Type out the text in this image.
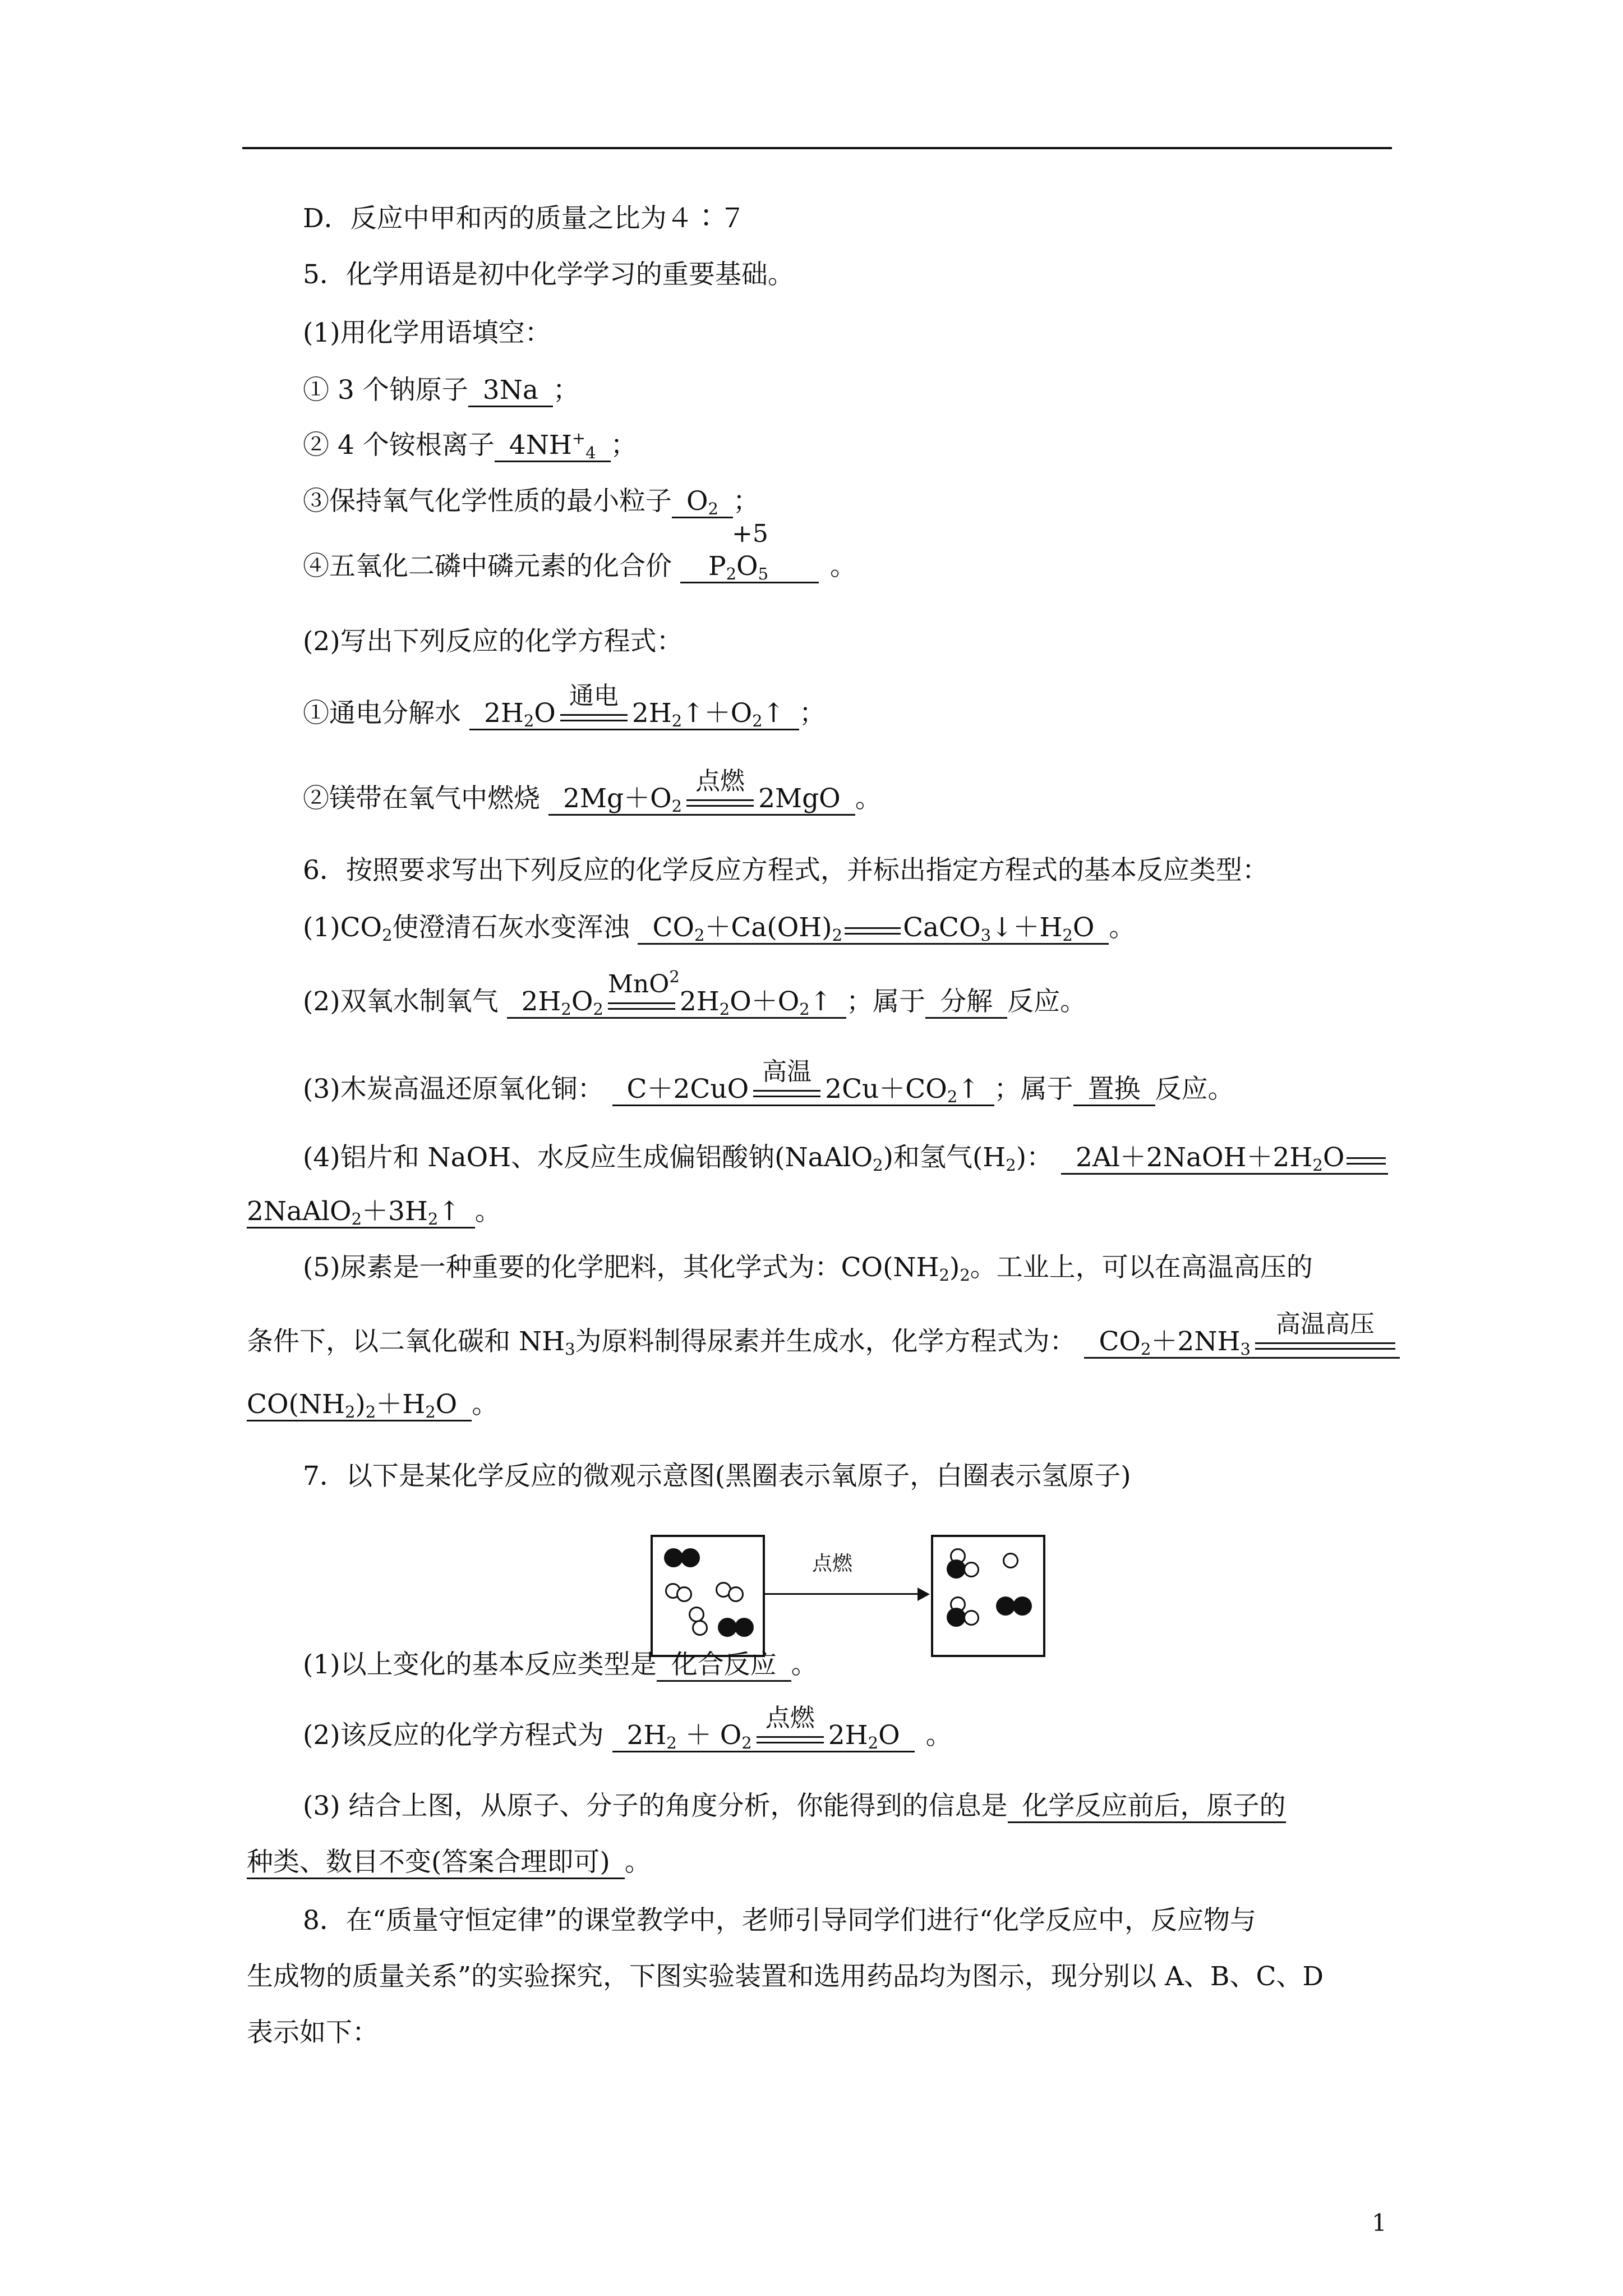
D．反应中甲和丙的质量之比为４∶７
5．化学用语是初中化学学习的重要基础。
(1)用化学用语填空：
① 3 个钠原子 3Na ；
② 4 个铵根离子 $4NH^+_4$ ；
③保持氧气化学性质的最小粒子 $O_2$ ；
④五氧化二磷中磷元素的化合价
+5
$P_2O_5$ 。
(2)写出下列反应的化学方程式：
①通电分解水 $2H_2O$
通电
$2H_2↑+O_2↑$ ；
②镁带在氧气中燃烧 $2Mg+O_2$
点燃
2MgO 。
6．按照要求写出下列反应的化学反应方程式，并标出指定方程式的基本反应类型：
$(1)CO_2$使澄清石灰水变浑浊 $CO_2+Ca(OH)_2$ $CaCO_3↓+H_2O$ 。
(2)双氧水制氧气 $2H_2O_2$
MnO$^2$
$2H_2O+O_2↑$ ；属于 分解 反应。
(3)木炭高温还原氧化铜： C＋2CuO
高温
$2Cu+CO_2↑$ ；属于 置换 反应。
(4)铝片和 NaOH、水反应生成偏铝酸钠(NaAlO$_2$)和氢气$(H_2)$： $2Al+2NaOH+2H_2O$
$2NaAlO_2+3H_2↑$ 。
(5)尿素是一种重要的化学肥料，其化学式为：$CO(NH_2)_2$。工业上，可以在高温高压的
条件下，以二氧化碳和 $NH_3$为原料制得尿素并生成水，化学方程式为： $CO_2+2NH_3$
高温高压
$CO(NH_2)_2+H_2O$ 。
7．以下是某化学反应的微观示意图(黑圈表示氧原子，白圈表示氢原子)
点燃
(1)以上变化的基本反应类型是 化合反应 。
(2)该反应的化学方程式为 $2H_2 + O_2$
点燃
$2H_2O$ 。
(3) 结合上图，从原子、分子的角度分析，你能得到的信息是 化学反应前后，原子的
种类、数目不变(答案合理即可) 。
8．在“质量守恒定律”的课堂教学中，老师引导同学们进行“化学反应中，反应物与
生成物的质量关系”的实验探究，下图实验装置和选用药品均为图示，现分别以 A、B、C、D
表示如下：
1
